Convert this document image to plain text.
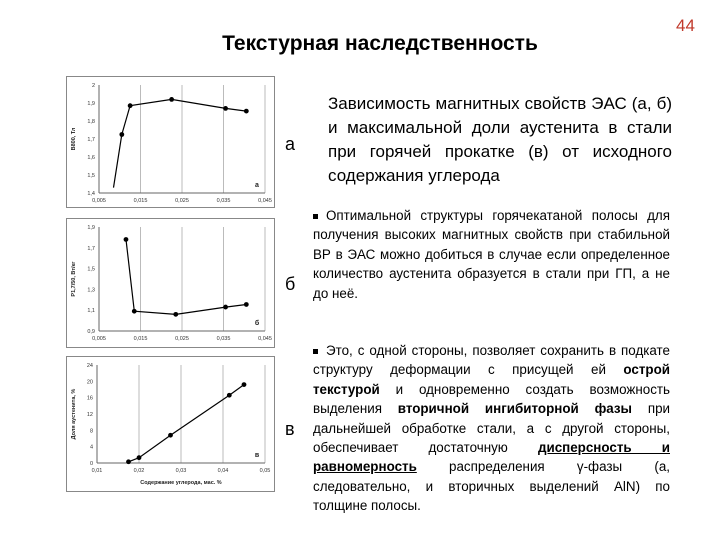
44
Текстурная наследственность
0,005	0,015	0,025	0,035	0,045
1,4
1,5
1,6
1,7
1,8
1,9
2
B800, Тл
а
0,005	0,015	0,025	0,035	0,045
0,9
1,1
1,3
1,5
1,7
1,9
P1,7/50, Вт/кг
б
0,01	0,02	0,03	0,04	0,05
0
4
8
12
16
20
24
Доля аустенита, %
Содержание углерода, мас. %
в
а
б
в
Зависимость магнитных свойств ЭАС (а, б) и максимальной доли аустенита в стали при горячей прокатке (в) от исходного содержания углерода
Оптимальной структуры горячекатаной полосы для получения высоких магнитных свойств при стабильной ВР в ЭАС можно добиться в случае если определенное количество аустенита образуется в стали при ГП, а не до неё.
Это, с одной стороны, позволяет сохранить в подкате структуру деформации с присущей ей острой текстурой и одновременно создать возможность выделения вторичной ингибиторной фазы при дальнейшей обработке стали, а с другой стороны, обеспечивает достаточную дисперсность и равномерность распределения γ-фазы (а, следовательно, и вторичных выделений AlN) по толщине полосы.
